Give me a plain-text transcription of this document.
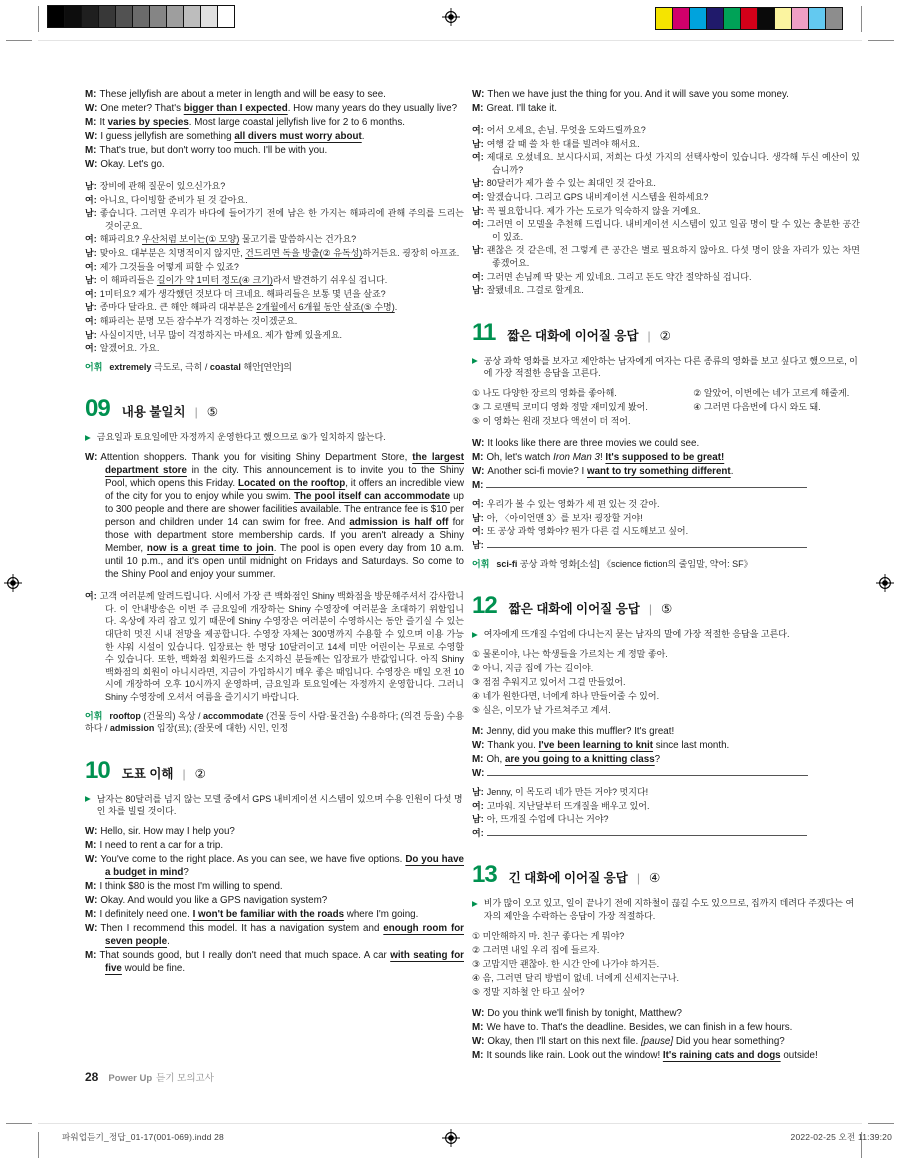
파워업듣기_정답_01-17(001-069).indd 28	2022-02-25 오전 11:39:20
M: These jellyfish are about a meter in length and will be easy to see.
W: One meter? That's bigger than I expected. How many years do they usually live?
M: It varies by species. Most large coastal jellyfish live for 2 to 6 months.
W: I guess jellyfish are something all divers must worry about.
M: That's true, but don't worry too much. I'll be with you.
W: Okay. Let's go.
남: 장비에 관해 질문이 있으신가요?
여: 아니요, 다이빙할 준비가 된 것 같아요.
남: 좋습니다. 그러면 우리가 바다에 들어가기 전에 남은 한 가지는 해파리에 관해 주의를 드리는 것이군요.
여: 해파리요? 우산처럼 보이는(① 모양) 물고기를 말씀하시는 건가요?
남: 맞아요. 대부분은 치명적이지 않지만, 건드리면 독을 방출(② 유독성)하거든요. 굉장히 아프죠.
여: 제가 그것들을 어떻게 피할 수 있죠?
남: 이 해파리들은 길이가 약 1미터 정도(④ 크기)라서 발견하기 쉬우실 겁니다.
여: 1미터요? 제가 생각했던 것보다 더 크네요. 해파리들은 보통 몇 년을 살죠?
남: 종마다 달라요. 큰 해안 해파리 대부분은 2개월에서 6개월 동안 살죠(⑤ 수명).
여: 해파리는 분명 모든 잠수부가 걱정하는 것이겠군요.
남: 사실이지만, 너무 많이 걱정하지는 마세요. 제가 함께 있을게요.
여: 알겠어요. 가요.
어휘 extremely 극도로, 극히 / coastal 해안[연안]의
09 내용 불일치 | ⑤
▶ 금요일과 토요일에만 자정까지 운영한다고 했으므로 ⑤가 일치하지 않는다.
W: Attention shoppers. Thank you for visiting Shiny Department Store, the largest department store in the city. This announcement is to invite you to the Shiny Pool, which opens this Friday. Located on the rooftop, it offers an incredible view of the city for you to enjoy while you swim. The pool itself can accommodate up to 300 people and there are shower facilities available. The entrance fee is $10 per person and children under 14 can swim for free. And admission is half off for those with department store membership cards. If you aren't already a Shiny Member, now is a great time to join. The pool is open every day from 10 a.m. until 10 p.m., and it's open until midnight on Fridays and Saturdays. So come to the Shiny Pool and enjoy your summer.
여: 고객 여러분께 알려드립니다. 시에서 가장 큰 백화점인 Shiny 백화점을 방문해주셔서 감사합니다. 이 안내방송은 이번 주 금요일에 개장하는 Shiny 수영장에 여러분을 초대하기 위함입니다. 옥상에 자리 잡고 있기 때문에 Shiny 수영장은 여러분이 수영하시는 동안 즐기실 수 있는 대단히 멋진 시내 전망을 제공합니다. 수영장 자체는 300명까지 수용할 수 있으며 이용 가능한 샤워 시설이 있습니다. 입장료는 한 명당 10달러이고 14세 미만 어린이는 무료로 수영할 수 있습니다. 또한, 백화점 회원카드를 소지하신 분들께는 입장료가 반값입니다. 아직 Shiny 백화점의 회원이 아니시라면, 지금이 가입하시기 매우 좋은 때입니다. 수영장은 매일 오전 10시에 개장하여 오후 10시까지 운영하며, 금요일과 토요일에는 자정까지 운영합니다. 그러니 Shiny 수영장에 오셔서 여름을 즐기시기 바랍니다.
어휘 rooftop (건물의) 옥상 / accommodate (건물 등이 사람·물건을) 수용하다; (의견 등을) 수용하다 / admission 입장(료); (잘못에 대한) 시인, 인정
10 도표 이해 | ②
▶ 남자는 80달러를 넘지 않는 모델 중에서 GPS 내비게이션 시스템이 있으며 수용 인원이 다섯 명인 차를 빌릴 것이다.
W: Hello, sir. How may I help you?
M: I need to rent a car for a trip.
W: You've come to the right place. As you can see, we have five options. Do you have a budget in mind?
M: I think $80 is the most I'm willing to spend.
W: Okay. And would you like a GPS navigation system?
M: I definitely need one. I won't be familiar with the roads where I'm going.
W: Then I recommend this model. It has a navigation system and enough room for seven people.
M: That sounds good, but I really don't need that much space. A car with seating for five would be fine.
W: Then we have just the thing for you. And it will save you some money.
M: Great. I'll take it.
여: 어서 오세요, 손님. 무엇을 도와드릴까요?
남: 여행 갈 때 쓸 차 한 대를 빌려야 해서요.
여: 제대로 오셨네요. 보시다시피, 저희는 다섯 가지의 선택사항이 있습니다. 생각해 두신 예산이 있습니까?
남: 80달러가 제가 쓸 수 있는 최대인 것 같아요.
여: 알겠습니다. 그리고 GPS 내비게이션 시스템을 원하세요?
남: 꼭 필요합니다. 제가 가는 도로가 익숙하지 않을 거예요.
여: 그러면 이 모델을 추천해 드립니다. 내비게이션 시스템이 있고 일곱 명이 탈 수 있는 충분한 공간이 있죠.
남: 괜찮은 것 같은데, 전 그렇게 큰 공간은 별로 필요하지 않아요. 다섯 명이 앉을 자리가 있는 차면 좋겠어요.
여: 그러면 손님께 딱 맞는 게 있네요. 그리고 돈도 약간 절약하실 겁니다.
남: 잘됐네요. 그걸로 할게요.
11 짧은 대화에 이어질 응답 | ②
▶ 공상 과학 영화를 보자고 제안하는 남자에게 여자는 다른 종류의 영화를 보고 싶다고 했으므로, 이에 가장 적절한 응답을 고른다.
① 나도 다양한 장르의 영화를 좋아해.	② 알았어, 이번에는 네가 고르게 해줄게.
③ 그 로맨틱 코미디 영화 정말 재미있게 봤어.	④ 그러면 다음번에 다시 와도 돼.
⑤ 이 영화는 원래 것보다 액션이 더 적어.
W: It looks like there are three movies we could see.
M: Oh, let's watch Iron Man 3! It's supposed to be great!
W: Another sci-fi movie? I want to try something different.
M:
여: 우리가 볼 수 있는 영화가 세 편 있는 것 같아.
남: 아, 〈아이언맨 3〉를 보자! 굉장할 거야!
여: 또 공상 과학 영화야? 뭔가 다른 걸 시도해보고 싶어.
남:
어휘 sci-fi 공상 과학 영화[소설] 《science fiction의 줄임말, 약어: SF》
12 짧은 대화에 이어질 응답 | ⑤
▶ 여자에게 뜨개질 수업에 다니는지 묻는 남자의 말에 가장 적절한 응답을 고른다.
① 물론이야, 나는 학생들을 가르치는 게 정말 좋아.
② 아니, 지금 집에 가는 길이야.
③ 점점 추워지고 있어서 그걸 만들었어.
④ 네가 원한다면, 너에게 하나 만들어줄 수 있어.
⑤ 실은, 이모가 날 가르쳐주고 계셔.
M: Jenny, did you make this muffler? It's great!
W: Thank you. I've been learning to knit since last month.
M: Oh, are you going to a knitting class?
W:
남: Jenny, 이 목도리 네가 만든 거야? 멋지다!
여: 고마워. 지난달부터 뜨개질을 배우고 있어.
남: 아, 뜨개질 수업에 다니는 거야?
여:
13 긴 대화에 이어질 응답 | ④
▶ 비가 많이 오고 있고, 일이 끝나기 전에 지하철이 끊길 수도 있으므로, 집까지 데려다 주겠다는 여자의 제안을 수락하는 응답이 가장 적절하다.
① 미안해하지 마. 친구 좋다는 게 뭐야?
② 그러면 내일 우리 집에 들르자.
③ 고맙지만 괜찮아. 한 시간 안에 나가야 하거든.
④ 음, 그러면 달리 방법이 없네. 너에게 신세지는구나.
⑤ 정말 지하철 안 타고 싶어?
W: Do you think we'll finish by tonight, Matthew?
M: We have to. That's the deadline. Besides, we can finish in a few hours.
W: Okay, then I'll start on this next file. [pause] Did you hear something?
M: It sounds like rain. Look out the window! It's raining cats and dogs outside!
28 Power Up 듣기 모의고사
